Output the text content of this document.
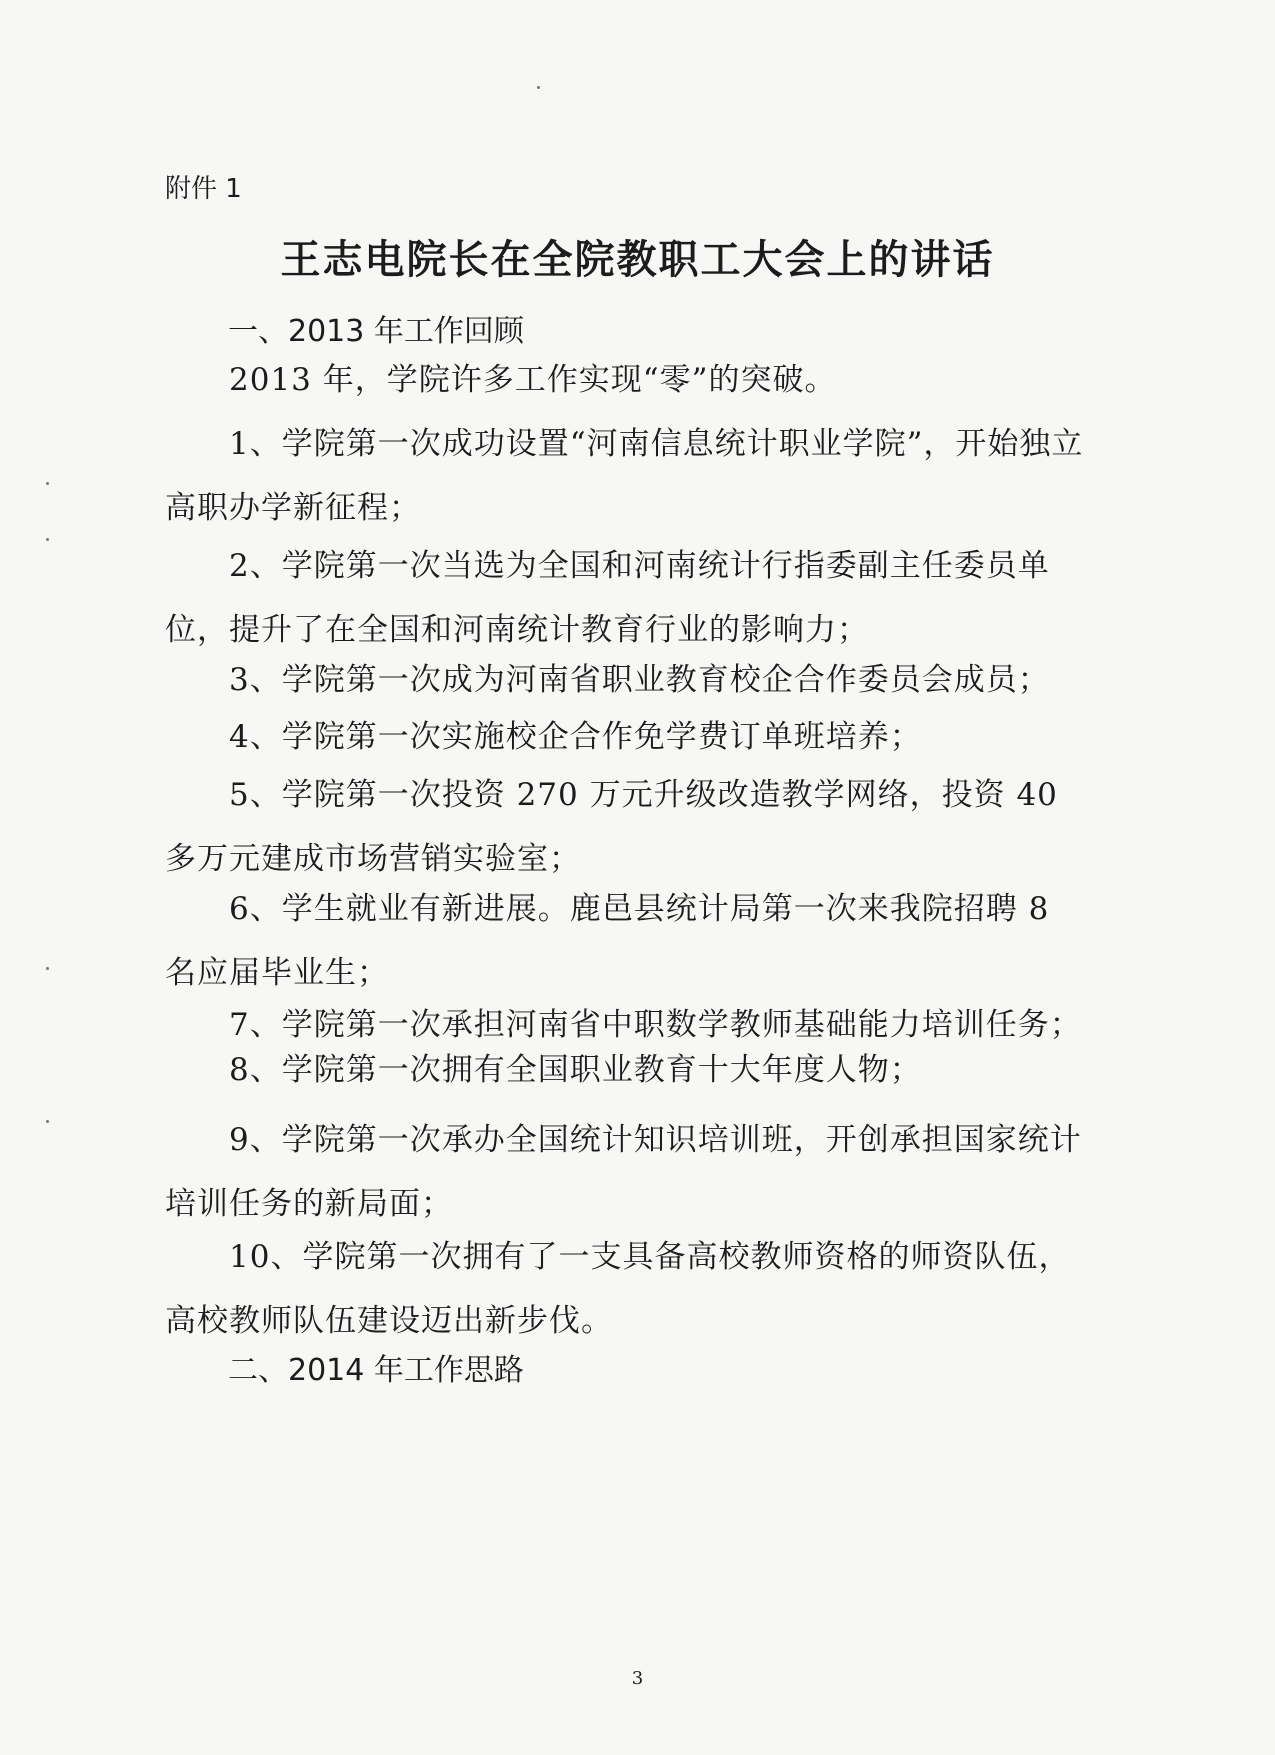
附件 1
王志电院长在全院教职工大会上的讲话
一、2013 年工作回顾
2013 年，学院许多工作实现“零”的突破。
1、学院第一次成功设置“河南信息统计职业学院”，开始独立高职办学新征程；
2、学院第一次当选为全国和河南统计行指委副主任委员单位，提升了在全国和河南统计教育行业的影响力；
3、学院第一次成为河南省职业教育校企合作委员会成员；
4、学院第一次实施校企合作免学费订单班培养；
5、学院第一次投资 270 万元升级改造教学网络，投资 40 多万元建成市场营销实验室；
6、学生就业有新进展。鹿邑县统计局第一次来我院招聘 8 名应届毕业生；
7、学院第一次承担河南省中职数学教师基础能力培训任务；
8、学院第一次拥有全国职业教育十大年度人物；
9、学院第一次承办全国统计知识培训班，开创承担国家统计培训任务的新局面；
10、学院第一次拥有了一支具备高校教师资格的师资队伍，高校教师队伍建设迈出新步伐。
二、2014 年工作思路
3
